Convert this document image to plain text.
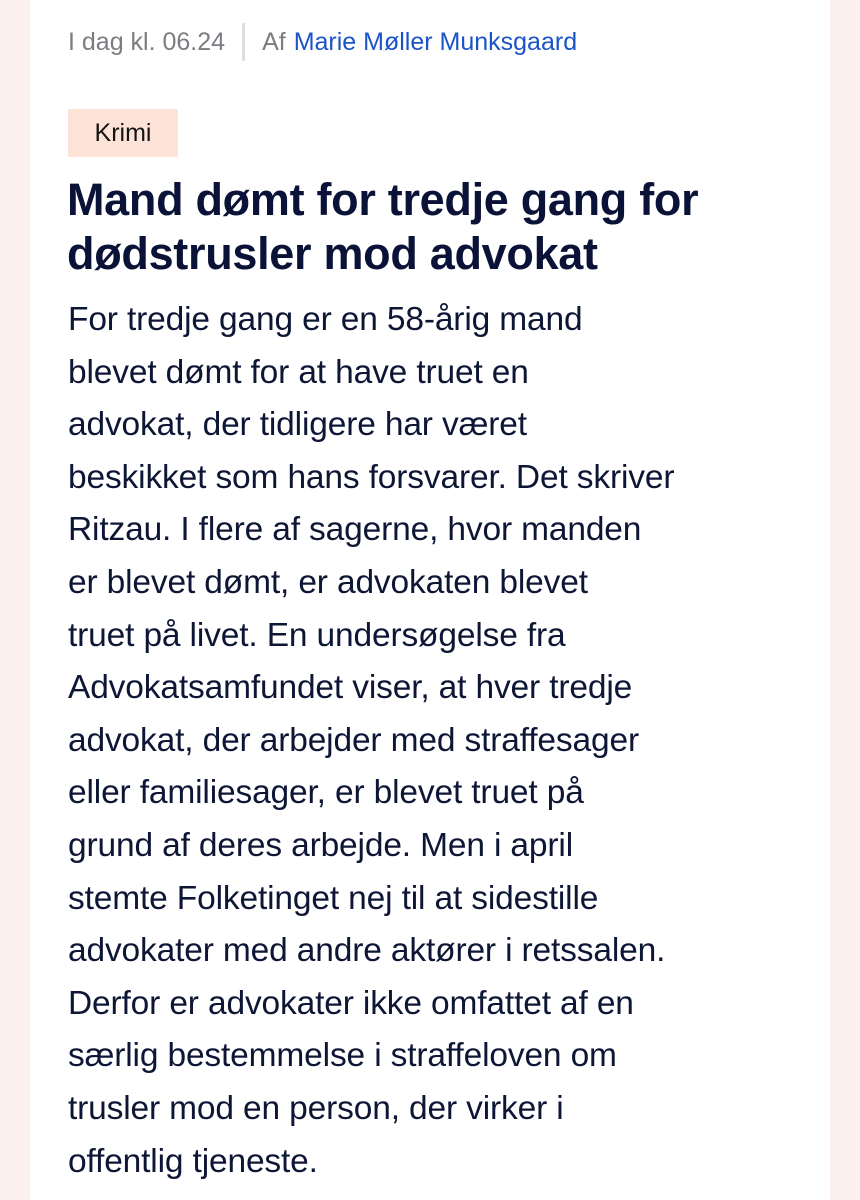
I dag kl. 06.24 Af Marie Møller Munksgaard
Krimi
Mand dømt for tredje gang for
dødstrusler mod advokat

For tredje gang er en 58-årig mand
blevet dømt for at have truet en
advokat, der tidligere har været
beskikket som hans forsvarer. Det skriver
Ritzau. I flere af sagerne, hvor manden
er blevet dømt, er advokaten blevet
truet på livet. En undersøgelse fra
Advokatsamfundet viser, at hver tredje
advokat, der arbejder med straffesager
eller familiesager, er blevet truet på
grund af deres arbejde. Men i april
stemte Folketinget nej til at sidestille
advokater med andre aktører i retssalen.
Derfor er advokater ikke omfattet af en
særlig bestemmelse i straffeloven om
trusler mod en person, der virker i
offentlig tjeneste.
